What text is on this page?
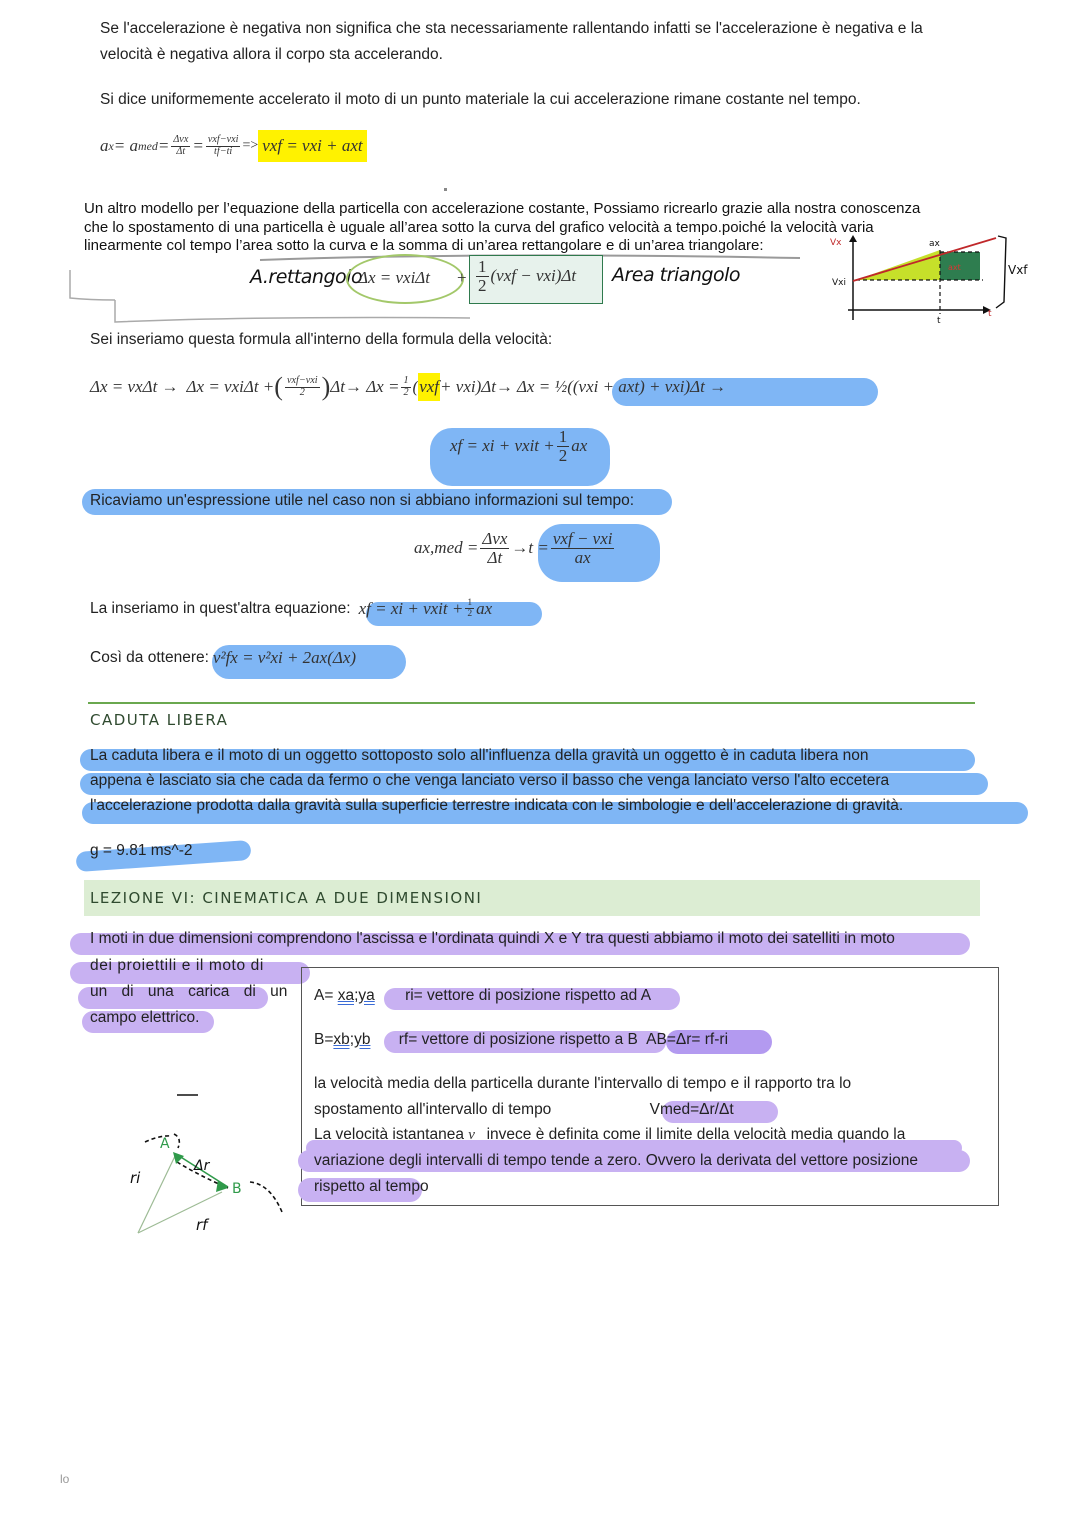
Se l'accelerazione è negativa non significa che sta necessariamente rallentando infatti se l'accelerazione è negativa e la
velocità è negativa allora il corpo sta accelerando.
Si dice uniformemente accelerato il moto di un punto materiale la cui accelerazione rimane costante nel tempo.
a x = a med = $\frac{\text{Δvx}}{\Delta t} = \frac{\text{vxf−vxi}}{tf-ti}$ => vxf = vxi + axt
Un altro modello per l’equazione della particella con accelerazione costante, Possiamo ricrearlo grazie alla nostra conoscenza
che lo spostamento di una particella è uguale all’area sotto la curva del grafico velocità a tempo.poiché la velocità varia
linearmente col tempo l’area sotto la curva e la somma di un’area rettangolare e di un’area triangolare:
A.rettangolo
$\Delta x = vxi\Delta t + \frac{1}{2} (vxf - vxi)\Delta t$ Area triangolo	axt
Vx
Vxi
ax
t
t
Vxf
Sei inseriamo questa formula all'interno della formula della velocità:
Δx = vxΔt → Δx = vxiΔt + ( $\frac{\text{vxf−vxi}}{2}$ ) $\Delta t\to \Delta x = \frac{1}{2}$ ( vxf + vxi)Δt→ Δx = ½((vxi + axt) + vxi)Δt →
xf = xi + vxit + $\frac{1}{2}$ ax
Ricaviamo un'espressione utile nel caso non si abbiano informazioni sul tempo:
$ax,med = \frac{\text{Δvx}}{\Delta t} \to t = \frac{\text{vxf − vxi}}{ax}$
La inseriamo in quest'altra equazione : xf = xi + vxit + $\frac{1}{2}$ ax
Così da ottenere : v²fx = v²xi + 2ax(Δx)
CADUTA LIBERA
La caduta libera e il moto di un oggetto sottoposto solo all'influenza della gravità un oggetto è in caduta libera non
appena è lasciato sia che cada da fermo o che venga lanciato verso il basso che venga lanciato verso l'alto eccetera
l'accelerazione prodotta dalla gravità sulla superficie terrestre indicata con le simbologie e dell'accelerazione di gravità.
g = 9.81 ms^-2
LEZIONE VI: CINEMATICA A DUE DIMENSIONI
I moti in due dimensioni comprendono l'ascissa e l'ordinata quindi X e Y tra questi abbiamo il moto dei satelliti in moto
dei proiettili e il moto di
un di una carica di un
campo elettrico.
A= xa;ya ri= vettore di posizione rispetto ad A
B=xb;yb rf= vettore di posizione rispetto a B AB=Δr= rf-ri
la velocità media della particella durante l'intervallo di tempo e il rapporto tra lo
spostamento all'intervallo di tempo	Vmed=Δr/Δt
La velocità istantanea v⃗invece è definita come il limite della velocità media quando la
variazione degli intervalli di tempo tende a zero. Ovvero la derivata del vettore posizione
rispetto al tempo
A
B
ri
Δr
rf
lo
